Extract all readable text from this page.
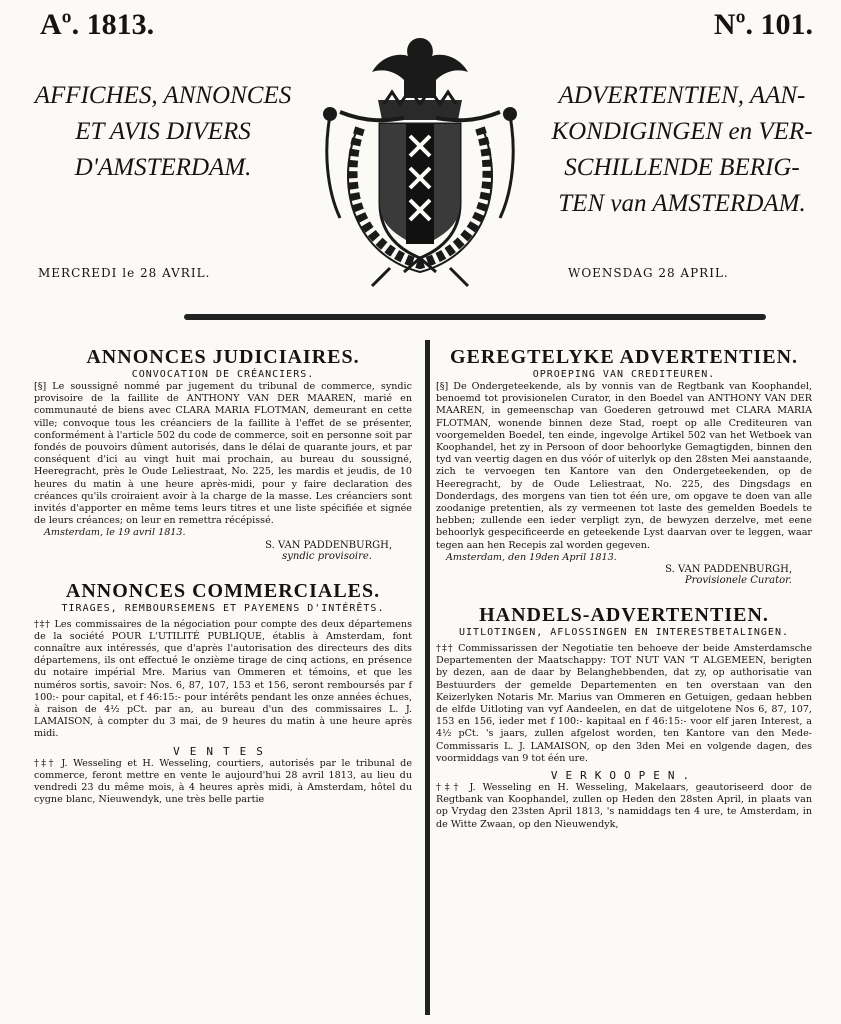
Aº. 1813.	Nº. 101.
AFFICHES, ANNONCES
ET AVIS DIVERS
D'AMSTERDAM.
ADVERTENTIEN, AAN-
KONDIGINGEN en VER-
SCHILLENDE BERIG-
TEN van AMSTERDAM.
MERCREDI le 28 AVRIL.	WOENSDAG 28 APRIL.
ANNONCES JUDICIAIRES.

CONVOCATION DE CRÉANCIERS.

[§] Le soussigné nommé par jugement du tribunal de commerce, syndic provisoire de la faillite de ANTHONY VAN DER MAAREN, marié en communauté de biens avec CLARA MARIA FLOTMAN, demeurant en cette ville; convoque tous les créanciers de la faillite à l'effet de se présenter, conformément à l'article 502 du code de commerce, soit en personne soit par fondés de pouvoirs dûment autorisés, dans le délai de quarante jours, et par conséquent d'ici au vingt huit mai prochain, au bureau du soussigné, Heeregracht, près le Oude Leliestraat, No. 225, les mardis et jeudis, de 10 heures du matin à une heure après-midi, pour y faire declaration des créances qu'ils croiraient avoir à la charge de la masse. Les créanciers sont invités d'apporter en même tems leurs titres et une liste spécifiée et signée de leurs créances; on leur en remettra récépissé.

Amsterdam, le 19 avril 1813.

S. VAN PADDENBURGH,

syndic provisoire.

ANNONCES COMMERCIALES.

TIRAGES, REMBOURSEMENS ET PAYEMENS D'INTÉRÊTS.

†‡† Les commissaires de la négociation pour compte des deux départemens de la société POUR L'UTILITÉ PUBLIQUE, établis à Amsterdam, font connaître aux intéressés, que d'après l'autorisation des directeurs des dits départemens, ils ont effectué le onzième tirage de cinq actions, en présence du notaire impérial Mre. Marius van Ommeren et témoins, et que les numéros sortis, savoir: Nos. 6, 87, 107, 153 et 156, seront remboursés par f 100:- pour capital, et f 46:15:- pour intérêts pendant les onze années échues, à raison de 4½ pCt. par an, au bureau d'un des commissaires L. J. LAMAISON, à compter du 3 mai, de 9 heures du matin à une heure après midi.

VENTES

†‡† J. Wesseling et H. Wesseling, courtiers, autorisés par le tribunal de commerce, feront mettre en vente le aujourd'hui 28 avril 1813, au lieu du vendredi 23 du même mois, à 4 heures après midi, à Amsterdam, hôtel du cygne blanc, Nieuwendyk, une très belle partie

GEREGTELYKE ADVERTENTIEN.

OPROEPING VAN CREDITEUREN.

[§] De Ondergeteekende, als by vonnis van de Regtbank van Koophandel, benoemd tot provisionelen Curator, in den Boedel van ANTHONY VAN DER MAAREN, in gemeenschap van Goederen getrouwd met CLARA MARIA FLOTMAN, wonende binnen deze Stad, roept op alle Crediteuren van voorgemelden Boedel, ten einde, ingevolge Artikel 502 van het Wetboek van Koophandel, het zy in Persoon of door behoorlyke Gemagtigden, binnen den tyd van veertig dagen en dus vóór of uiterlyk op den 28sten Mei aanstaande, zich te vervoegen ten Kantore van den Ondergeteekenden, op de Heeregracht, by de Oude Leliestraat, No. 225, des Dingsdags en Donderdags, des morgens van tien tot één ure, om opgave te doen van alle zoodanige pretentien, als zy vermeenen tot laste des gemelden Boedels te hebben; zullende een ieder verpligt zyn, de bewyzen derzelve, met eene behoorlyk gespecificeerde en geteekende Lyst daarvan over te leggen, waar tegen aan hen Recepis zal worden gegeven.

Amsterdam, den 19den April 1813.

S. VAN PADDENBURGH,

Provisionele Curator.

HANDELS-ADVERTENTIEN.

UITLOTINGEN, AFLOSSINGEN EN INTERESTBETALINGEN.

†‡† Commissarissen der Negotiatie ten behoeve der beide Amsterdamsche Departementen der Maatschappy: TOT NUT VAN 'T ALGEMEEN, berigten by dezen, aan de daar by Belanghebbenden, dat zy, op authorisatie van Bestuurders der gemelde Departementen en ten overstaan van den Keizerlyken Notaris Mr. Marius van Ommeren en Getuigen, gedaan hebben de elfde Uitloting van vyf Aandeelen, en dat de uitgelotene Nos 6, 87, 107, 153 en 156, ieder met f 100:- kapitaal en f 46:15:- voor elf jaren Interest, a 4½ pCt. 's jaars, zullen afgelost worden, ten Kantore van den Mede-Commissaris L. J. LAMAISON, op den 3den Mei en volgende dagen, des voormiddags van 9 tot één ure.

VERKOOPEN.

†‡† J. Wesseling en H. Wesseling, Makelaars, geautoriseerd door de Regtbank van Koophandel, zullen op Heden den 28sten April, in plaats van op Vrydag den 23sten April 1813, 's namiddags ten 4 ure, te Amsterdam, in de Witte Zwaan, op den Nieuwendyk,
